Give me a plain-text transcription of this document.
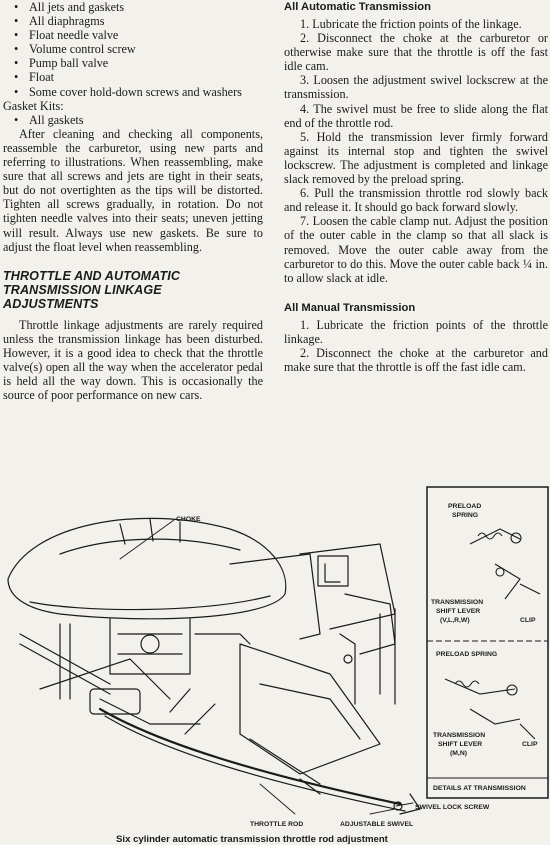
• All jets and gaskets
• All diaphragms
• Float needle valve
• Volume control screw
• Pump ball valve
• Float
• Some cover hold-down screws and washers

Gasket Kits:

• All gaskets

After cleaning and checking all components, reassemble the carburetor, using new parts and referring to illustrations. When reassembling, make sure that all screws and jets are tight in their seats, but do not overtighten as the tips will be distorted. Tighten all screws gradually, in rotation. Do not tighten needle valves into their seats; uneven jetting will result. Always use new gaskets. Be sure to adjust the float level when reassembling.

THROTTLE AND AUTOMATIC
TRANSMISSION LINKAGE
ADJUSTMENTS

Throttle linkage adjustments are rarely required unless the transmission linkage has been disturbed. However, it is a good idea to check that the throttle valve(s) open all the way when the accelerator pedal is held all the way down. This is occasionally the source of poor performance on new cars.

All Automatic Transmission

1. Lubricate the friction points of the linkage.

2. Disconnect the choke at the carburetor or otherwise make sure that the throttle is off the fast idle cam.

3. Loosen the adjustment swivel lockscrew at the transmission.

4. The swivel must be free to slide along the flat end of the throttle rod.

5. Hold the transmission lever firmly forward against its internal stop and tighten the swivel lockscrew. The adjustment is completed and linkage slack removed by the preload spring.

6. Pull the transmission throttle rod slowly back and release it. It should go back forward slowly.

7. Loosen the cable clamp nut. Adjust the position of the outer cable in the clamp so that all slack is removed. Move the outer cable away from the carburetor to do this. Move the outer cable back ¼ in. to allow slack at idle.

All Manual Transmission

1. Lubricate the friction points of the throttle linkage.

2. Disconnect the choke at the carburetor and make sure that the throttle is off the fast idle cam.

PRELOAD
SPRING
TRANSMISSION
SHIFT LEVER
(V,L,R,W)	CLIP
PRELOAD SPRING
TRANSMISSION
SHIFT LEVER
(M,N)
CLIP
DETAILS AT TRANSMISSION
CHOKE
SWIVEL LOCK SCREW
THROTTLE ROD	ADJUSTABLE SWIVEL
Six cylinder automatic transmission throttle rod adjustment
